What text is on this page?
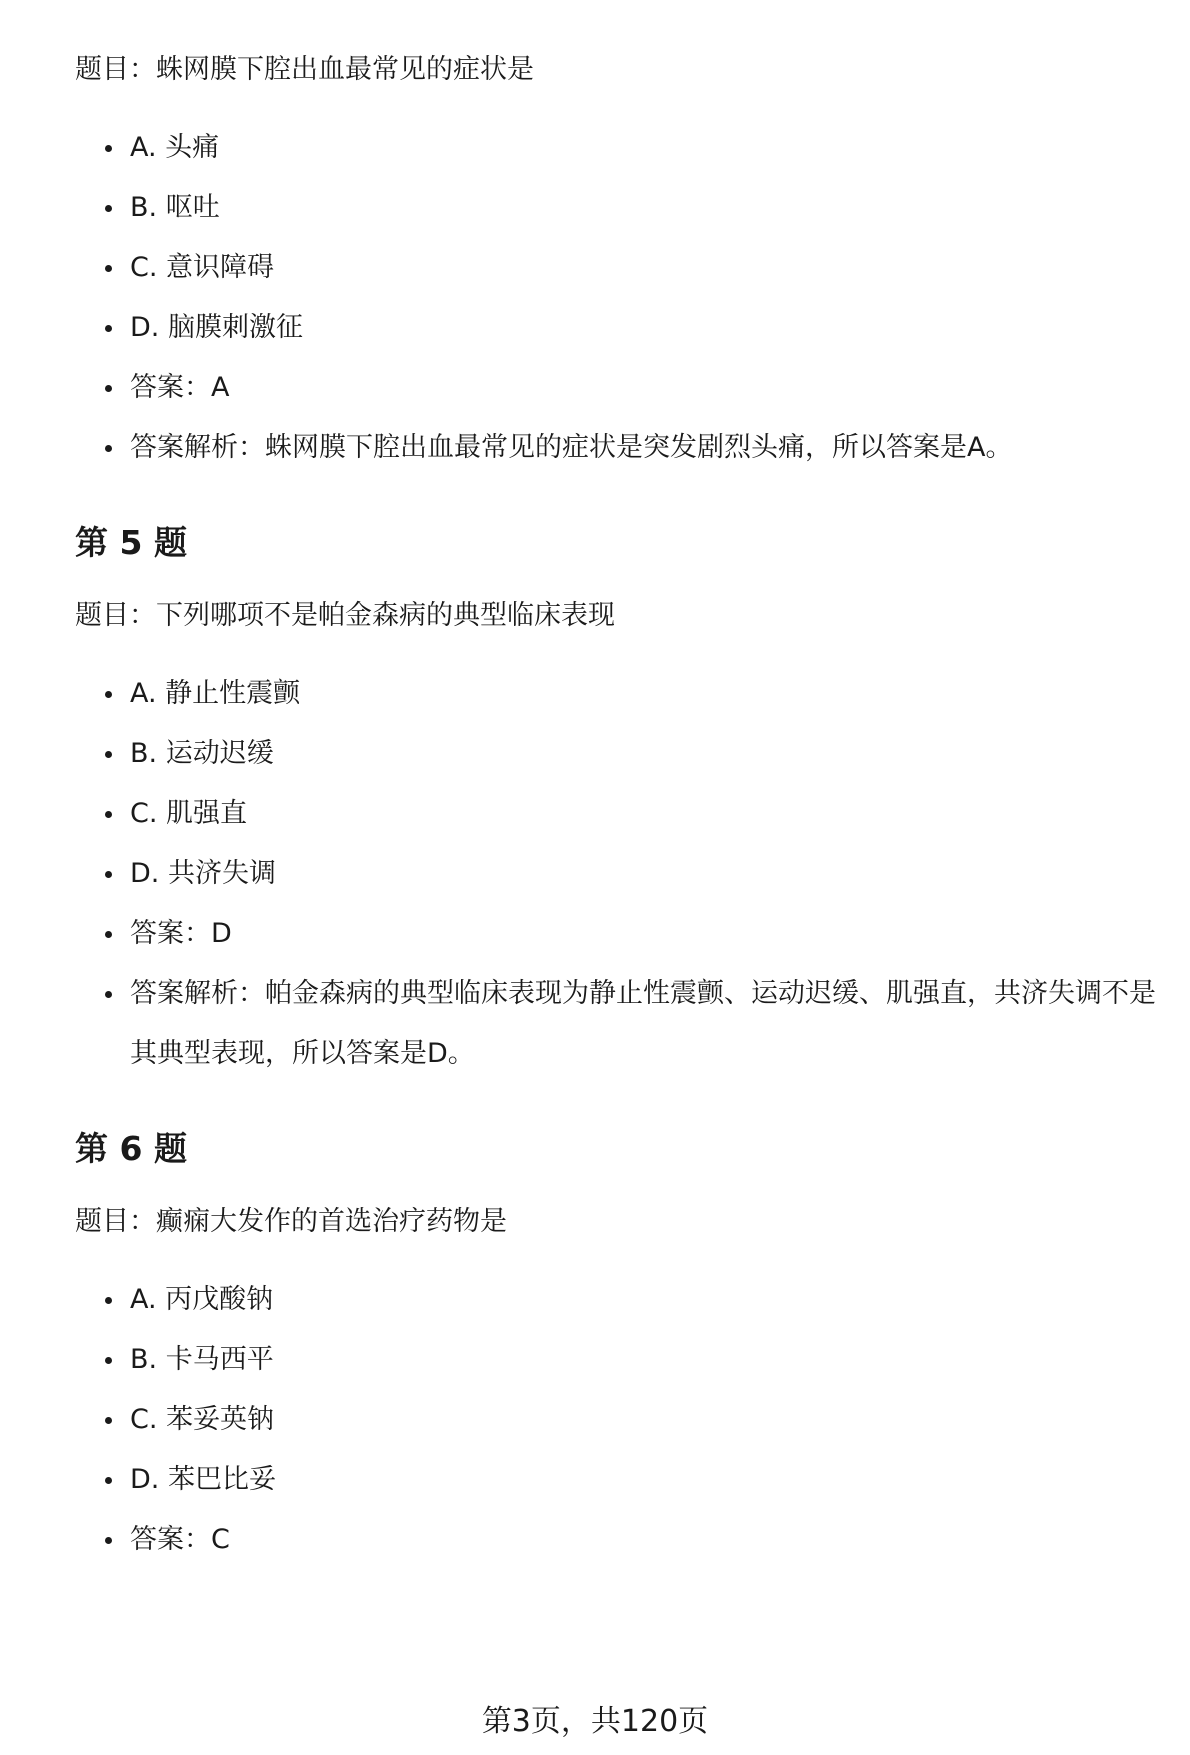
题目：蛛网膜下腔出血最常见的症状是
A. 头痛
B. 呕吐
C. 意识障碍
D. 脑膜刺激征
答案：A
答案解析：蛛网膜下腔出血最常见的症状是突发剧烈头痛，所以答案是A。
第 5 题
题目：下列哪项不是帕金森病的典型临床表现
A. 静止性震颤
B. 运动迟缓
C. 肌强直
D. 共济失调
答案：D
答案解析：帕金森病的典型临床表现为静止性震颤、运动迟缓、肌强直，共济失调不是其典型表现，所以答案是D。
第 6 题
题目：癫痫大发作的首选治疗药物是
A. 丙戊酸钠
B. 卡马西平
C. 苯妥英钠
D. 苯巴比妥
答案：C
第3页，共120页
